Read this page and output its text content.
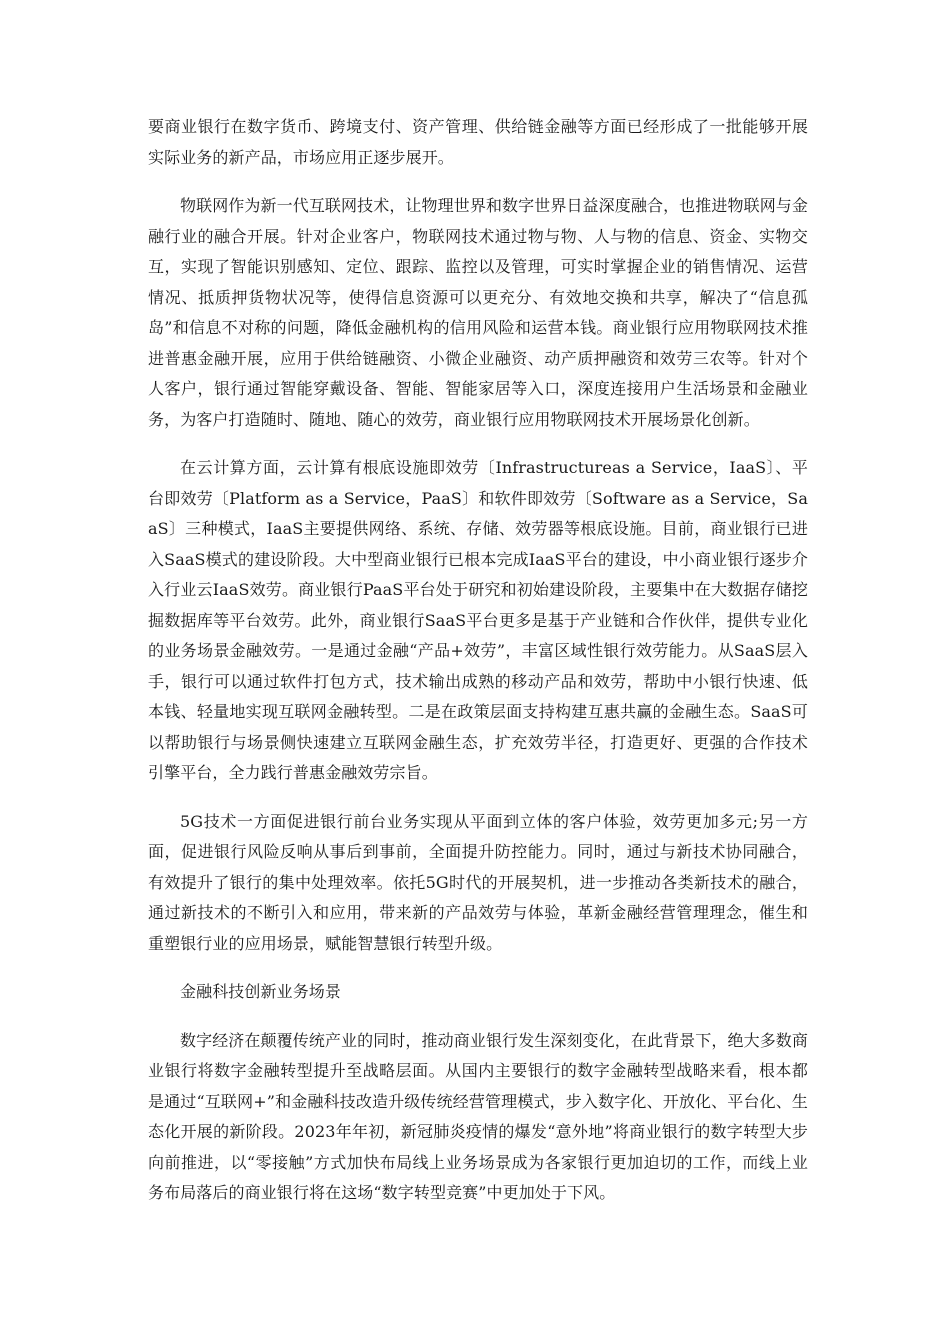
要商业银行在数字货币、跨境支付、资产管理、供给链金融等方面已经形成了一批能够开展实际业务的新产品，市场应用正逐步展开。

物联网作为新一代互联网技术，让物理世界和数字世界日益深度融合，也推进物联网与金融行业的融合开展。针对企业客户，物联网技术通过物与物、人与物的信息、资金、实物交互，实现了智能识别感知、定位、跟踪、监控以及管理，可实时掌握企业的销售情况、运营情况、抵质押货物状况等，使得信息资源可以更充分、有效地交换和共享，解决了“信息孤岛”和信息不对称的问题，降低金融机构的信用风险和运营本钱。商业银行应用物联网技术推进普惠金融开展，应用于供给链融资、小微企业融资、动产质押融资和效劳三农等。针对个人客户，银行通过智能穿戴设备、智能、智能家居等入口，深度连接用户生活场景和金融业务，为客户打造随时、随地、随心的效劳，商业银行应用物联网技术开展场景化创新。

在云计算方面，云计算有根底设施即效劳〔Infrastructureas a Service，IaaS〕、平台即效劳〔Platform as a Service，PaaS〕和软件即效劳〔Software as a Service，SaaS〕三种模式，IaaS主要提供网络、系统、存储、效劳器等根底设施。目前，商业银行已进入SaaS模式的建设阶段。大中型商业银行已根本完成IaaS平台的建设，中小商业银行逐步介入行业云IaaS效劳。商业银行PaaS平台处于研究和初始建设阶段，主要集中在大数据存储挖掘数据库等平台效劳。此外，商业银行SaaS平台更多是基于产业链和合作伙伴，提供专业化的业务场景金融效劳。一是通过金融“产品+效劳”，丰富区域性银行效劳能力。从SaaS层入手，银行可以通过软件打包方式，技术输出成熟的移动产品和效劳，帮助中小银行快速、低本钱、轻量地实现互联网金融转型。二是在政策层面支持构建互惠共赢的金融生态。SaaS可以帮助银行与场景侧快速建立互联网金融生态，扩充效劳半径，打造更好、更强的合作技术引擎平台，全力践行普惠金融效劳宗旨。

5G技术一方面促进银行前台业务实现从平面到立体的客户体验，效劳更加多元;另一方面，促进银行风险反响从事后到事前，全面提升防控能力。同时，通过与新技术协同融合，有效提升了银行的集中处理效率。依托5G时代的开展契机，进一步推动各类新技术的融合，通过新技术的不断引入和应用，带来新的产品效劳与体验，革新金融经营管理理念，催生和重塑银行业的应用场景，赋能智慧银行转型升级。

金融科技创新业务场景

数字经济在颠覆传统产业的同时，推动商业银行发生深刻变化，在此背景下，绝大多数商业银行将数字金融转型提升至战略层面。从国内主要银行的数字金融转型战略来看，根本都是通过“互联网+”和金融科技改造升级传统经营管理模式，步入数字化、开放化、平台化、生态化开展的新阶段。2023年年初，新冠肺炎疫情的爆发“意外地”将商业银行的数字转型大步向前推进，以“零接触”方式加快布局线上业务场景成为各家银行更加迫切的工作，而线上业务布局落后的商业银行将在这场“数字转型竞赛”中更加处于下风。
